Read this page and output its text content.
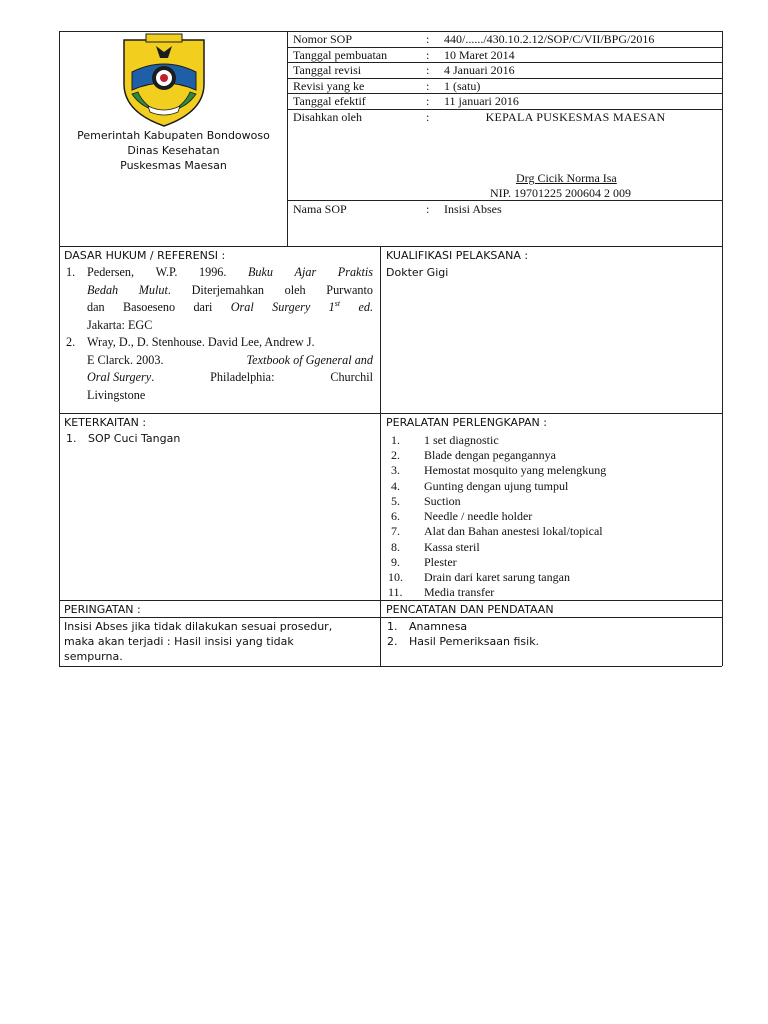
Pemerintah Kabupaten Bondowoso
Dinas Kesehatan
Puskesmas Maesan
Nomor SOP	: 440/....../430.10.2.12/SOP/C/VII/BPG/2016
Tanggal pembuatan	: 10 Maret 2014
Tanggal revisi	: 4 Januari 2016
Revisi yang ke	: 1 (satu)
Tanggal efektif	: 11 januari 2016
Disahkan oleh	:	KEPALA PUSKESMAS MAESAN
Drg Cicik Norma Isa
NIP. 19701225 200604 2 009
Nama SOP	: Insisi Abses
DASAR HUKUM / REFERENSI :
1. Pedersen, W.P. 1996. Buku Ajar Praktis
Bedah Mulut. Diterjemahkan oleh Purwanto
dan Basoeseno dari Oral Surgery 1st ed.
Jakarta: EGC
2. Wray, D., D. Stenhouse. David Lee, Andrew J.
E Clarck. 2003.	Textbook of Ggeneral and
Oral Surgery.	Philadelphia:	Churchil
Livingstone
KUALIFIKASI PELAKSANA :
Dokter Gigi
KETERKAITAN :
1. SOP Cuci Tangan
PERALATAN PERLENGKAPAN :
1. 1 set diagnostic
2. Blade dengan pegangannya
3. Hemostat mosquito yang melengkung
4. Gunting dengan ujung tumpul
5. Suction
6. Needle / needle holder
7. Alat dan Bahan anestesi lokal/topical
8. Kassa steril
9. Plester
10. Drain dari karet sarung tangan
11. Media transfer
PERINGATAN :
Insisi Abses jika tidak dilakukan sesuai prosedur,
maka akan terjadi : Hasil insisi yang tidak
sempurna.
PENCATATAN DAN PENDATAAN
1. Anamnesa
2. Hasil Pemeriksaan fisik.
